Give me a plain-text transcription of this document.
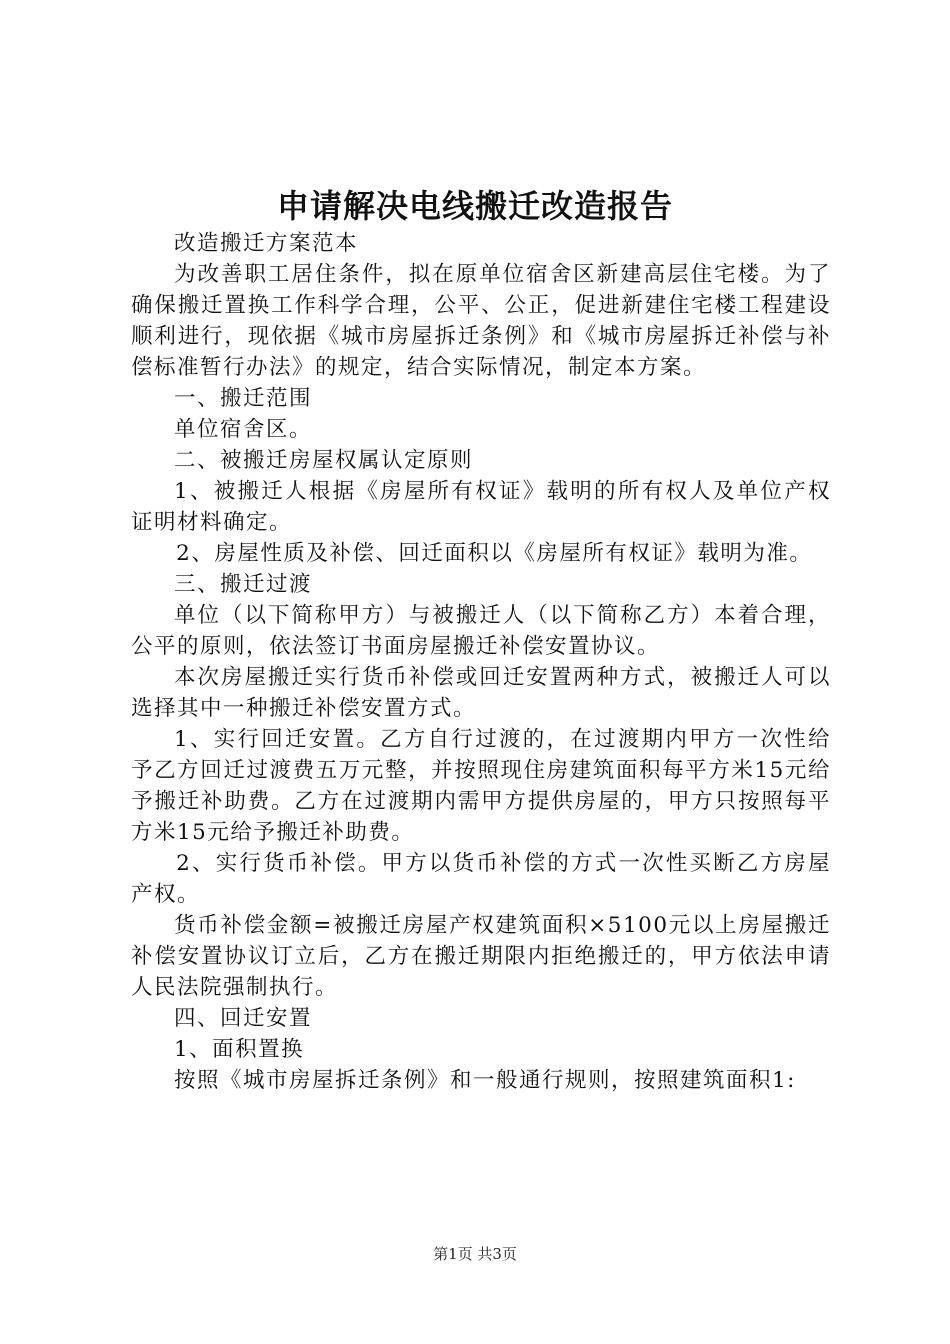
申请解决电线搬迁改造报告

改造搬迁方案范本

为改善职工居住条件，拟在原单位宿舍区新建高层住宅楼。为了确保搬迁置换工作科学合理，公平、公正，促进新建住宅楼工程建设顺利进行，现依据《城市房屋拆迁条例》和《城市房屋拆迁补偿与补偿标准暂行办法》的规定，结合实际情况，制定本方案。

一、搬迁范围

单位宿舍区。

二、被搬迁房屋权属认定原则

1、被搬迁人根据《房屋所有权证》载明的所有权人及单位产权证明材料确定。

2、房屋性质及补偿、回迁面积以《房屋所有权证》载明为准。

三、搬迁过渡

单位（以下简称甲方）与被搬迁人（以下简称乙方）本着合理，公平的原则，依法签订书面房屋搬迁补偿安置协议。

本次房屋搬迁实行货币补偿或回迁安置两种方式，被搬迁人可以选择其中一种搬迁补偿安置方式。

1、实行回迁安置。乙方自行过渡的，在过渡期内甲方一次性给予乙方回迁过渡费五万元整，并按照现住房建筑面积每平方米15元给予搬迁补助费。乙方在过渡期内需甲方提供房屋的，甲方只按照每平方米15元给予搬迁补助费。

2、实行货币补偿。甲方以货币补偿的方式一次性买断乙方房屋产权。

货币补偿金额=被搬迁房屋产权建筑面积×5100元以上房屋搬迁补偿安置协议订立后，乙方在搬迁期限内拒绝搬迁的，甲方依法申请人民法院强制执行。

四、回迁安置

1、面积置换

按照《城市房屋拆迁条例》和一般通行规则，按照建筑面积1:

第1页 共3页
